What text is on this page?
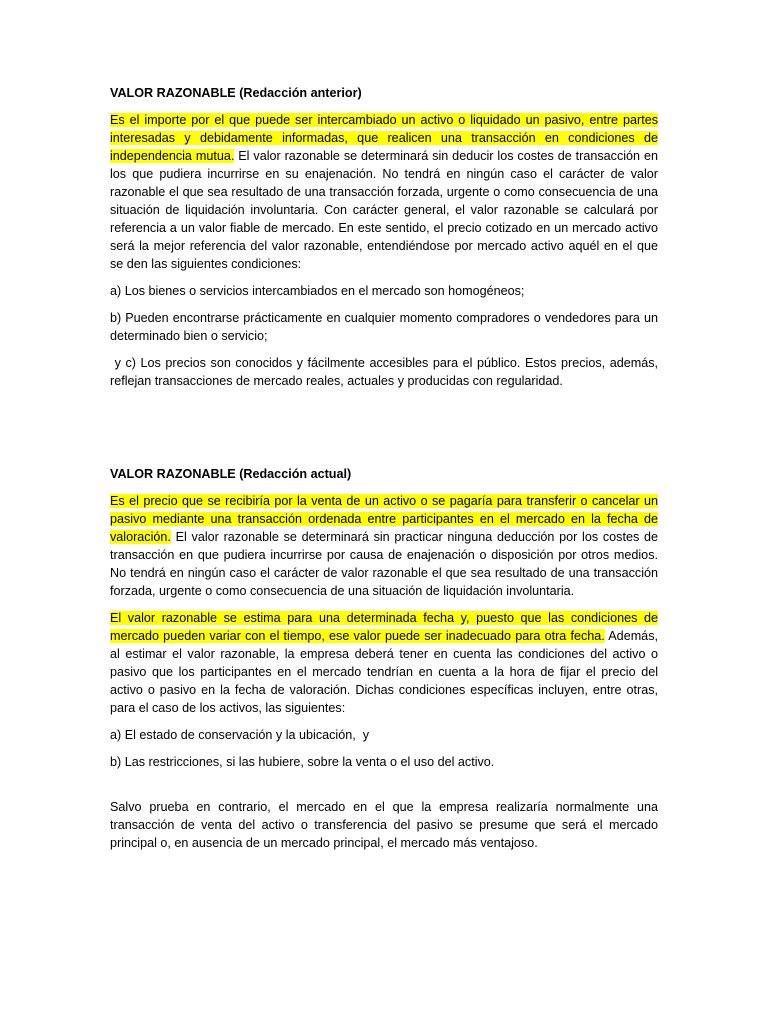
VALOR RAZONABLE (Redacción anterior)

Es el importe por el que puede ser intercambiado un activo o liquidado un pasivo, entre partes interesadas y debidamente informadas, que realicen una transacción en condiciones de independencia mutua. El valor razonable se determinará sin deducir los costes de transacción en los que pudiera incurrirse en su enajenación. No tendrá en ningún caso el carácter de valor razonable el que sea resultado de una transacción forzada, urgente o como consecuencia de una situación de liquidación involuntaria. Con carácter general, el valor razonable se calculará por referencia a un valor fiable de mercado. En este sentido, el precio cotizado en un mercado activo será la mejor referencia del valor razonable, entendiéndose por mercado activo aquél en el que se den las siguientes condiciones:

a) Los bienes o servicios intercambiados en el mercado son homogéneos;

b) Pueden encontrarse prácticamente en cualquier momento compradores o vendedores para un determinado bien o servicio;

y c) Los precios son conocidos y fácilmente accesibles para el público. Estos precios, además, reflejan transacciones de mercado reales, actuales y producidas con regularidad.

VALOR RAZONABLE (Redacción actual)

Es el precio que se recibiría por la venta de un activo o se pagaría para transferir o cancelar un pasivo mediante una transacción ordenada entre participantes en el mercado en la fecha de valoración. El valor razonable se determinará sin practicar ninguna deducción por los costes de transacción en que pudiera incurrirse por causa de enajenación o disposición por otros medios. No tendrá en ningún caso el carácter de valor razonable el que sea resultado de una transacción forzada, urgente o como consecuencia de una situación de liquidación involuntaria.

El valor razonable se estima para una determinada fecha y, puesto que las condiciones de mercado pueden variar con el tiempo, ese valor puede ser inadecuado para otra fecha. Además, al estimar el valor razonable, la empresa deberá tener en cuenta las condiciones del activo o pasivo que los participantes en el mercado tendrían en cuenta a la hora de fijar el precio del activo o pasivo en la fecha de valoración. Dichas condiciones específicas incluyen, entre otras, para el caso de los activos, las siguientes:

a) El estado de conservación y la ubicación,  y

b) Las restricciones, si las hubiere, sobre la venta o el uso del activo.

Salvo prueba en contrario, el mercado en el que la empresa realizaría normalmente una transacción de venta del activo o transferencia del pasivo se presume que será el mercado principal o, en ausencia de un mercado principal, el mercado más ventajoso.
